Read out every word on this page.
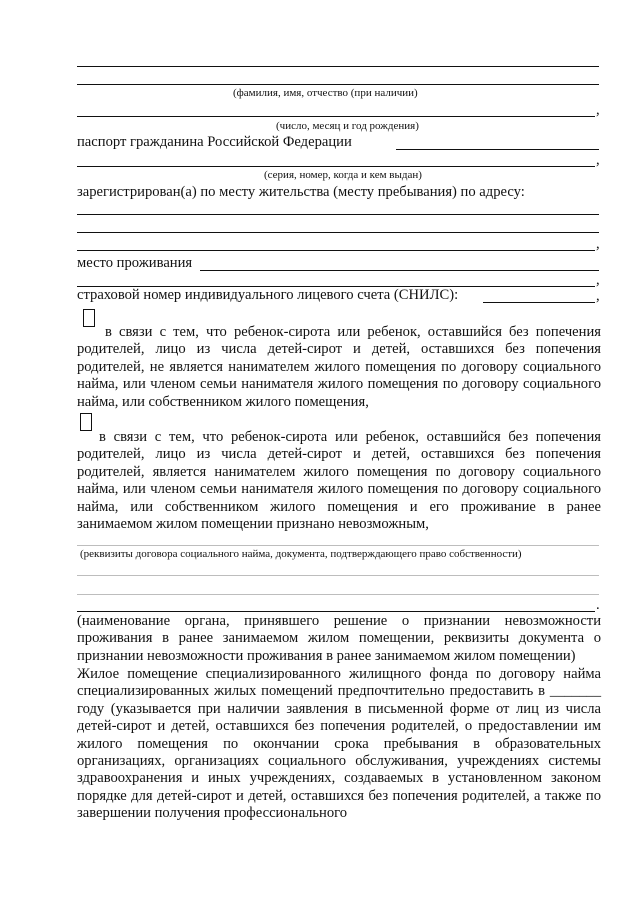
(фамилия, имя, отчество (при наличии)
,
(число, месяц и год рождения)
паспорт гражданина Российской Федерации
,
(серия, номер, когда и кем выдан)
зарегистрирован(а) по месту жительства (месту пребывания) по адресу:
,
место проживания
,
страховой номер индивидуального лицевого счета (СНИЛС):	,
в связи с тем, что ребенок-сирота или ребенок, оставшийся без попечения родителей, лицо из числа детей-сирот и детей, оставшихся без попечения родителей, не является нанимателем жилого помещения по договору социального найма, или членом семьи нанимателя жилого помещения по договору социального найма, или собственником жилого помещения,
в связи с тем, что ребенок-сирота или ребенок, оставшийся без попечения родителей, лицо из числа детей-сирот и детей, оставшихся без попечения родителей, является нанимателем жилого помещения по договору социального найма, или членом семьи нанимателя жилого помещения по договору социального найма, или собственником жилого помещения и его проживание в ранее занимаемом жилом помещении признано невозможным,
(реквизиты договора социального найма, документа, подтверждающего право собственности)
.
(наименование органа, принявшего решение о признании невозможности проживания в ранее занимаемом жилом помещении, реквизиты документа о признании невозможности проживания в ранее занимаемом жилом помещении)
Жилое помещение специализированного жилищного фонда по договору найма специализированных жилых помещений предпочтительно предоставить в _______ году (указывается при наличии заявления в письменной форме от лиц из числа детей-сирот и детей, оставшихся без попечения родителей, о предоставлении им жилого помещения по окончании срока пребывания в образовательных организациях, организациях социального обслуживания, учреждениях системы здравоохранения и иных учреждениях, создаваемых в установленном законом порядке для детей-сирот и детей, оставшихся без попечения родителей, а также по завершении получения профессионального
